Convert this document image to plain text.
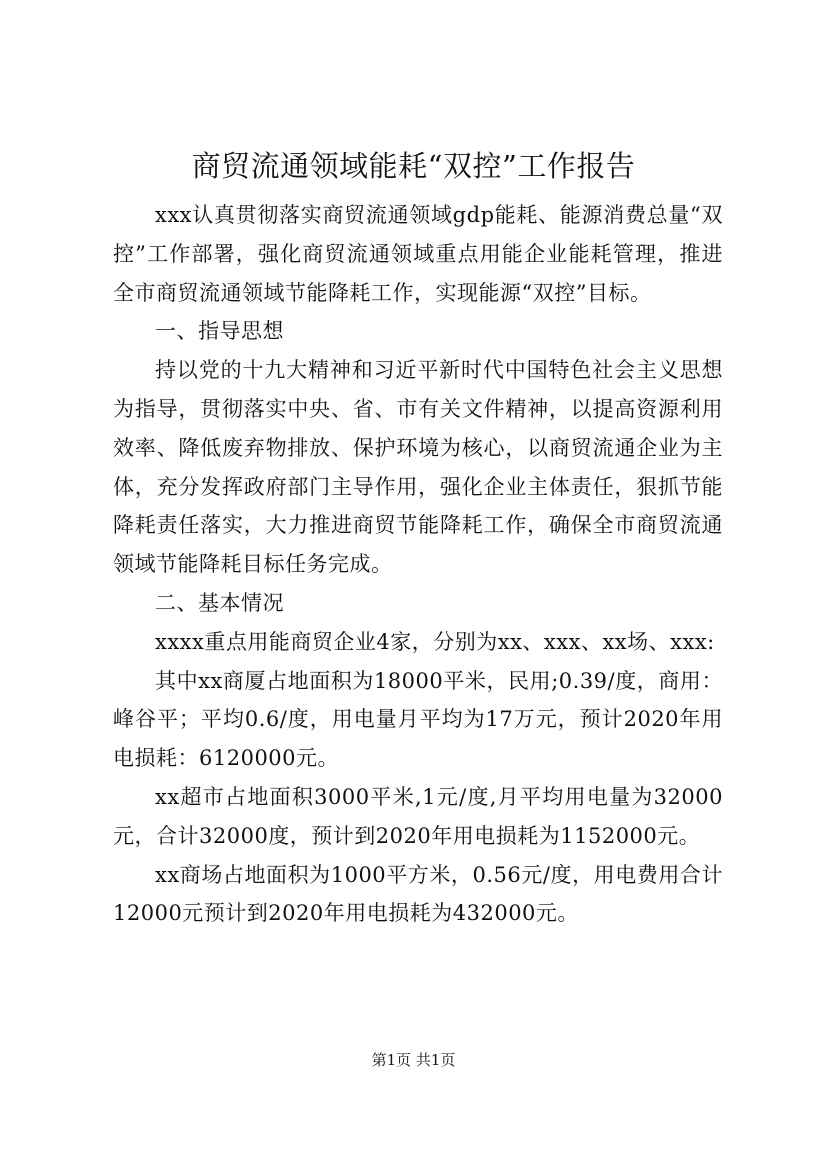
商贸流通领域能耗“双控”工作报告

xxx认真贯彻落实商贸流通领域gdp能耗、能源消费总量“双控”工作部署，强化商贸流通领域重点用能企业能耗管理，推进全市商贸流通领域节能降耗工作，实现能源“双控”目标。

一、指导思想

持以党的十九大精神和习近平新时代中国特色社会主义思想为指导，贯彻落实中央、省、市有关文件精神，以提高资源利用效率、降低废弃物排放、保护环境为核心，以商贸流通企业为主体，充分发挥政府部门主导作用，强化企业主体责任，狠抓节能降耗责任落实，大力推进商贸节能降耗工作，确保全市商贸流通领域节能降耗目标任务完成。

二、基本情况

xxxx重点用能商贸企业4家，分别为xx、xxx、xx场、xxx:

其中xx商厦占地面积为18000平米，民用;0.39/度，商用：峰谷平；平均0.6/度，用电量月平均为17万元，预计2020年用电损耗：6120000元。

xx超市占地面积3000平米,1元/度,月平均用电量为32000元，合计32000度，预计到2020年用电损耗为1152000元。

xx商场占地面积为1000平方米，0.56元/度，用电费用合计12000元预计到2020年用电损耗为432000元。

第1页 共1页
